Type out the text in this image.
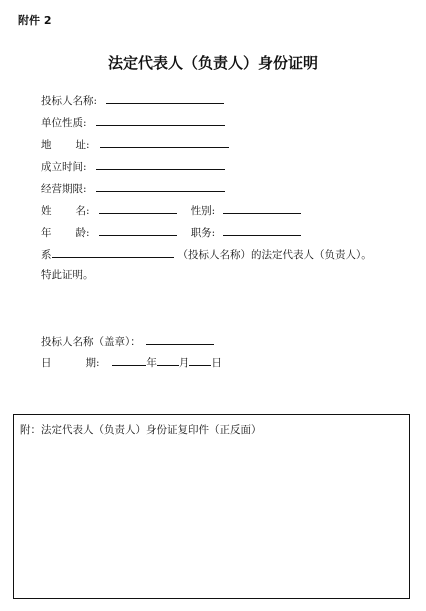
附件 2
法定代表人（负责人）身份证明
投标人名称:
单位性质:
地 址:
成立时间:
经营期限:
姓 名:	性别:
年 龄:	职务:
系	（投标人名称）的法定代表人（负责人）。
特此证明。
投标人名称（盖章）：
日	期:	年 月 日
附：法定代表人（负责人）身份证复印件（正反面）
